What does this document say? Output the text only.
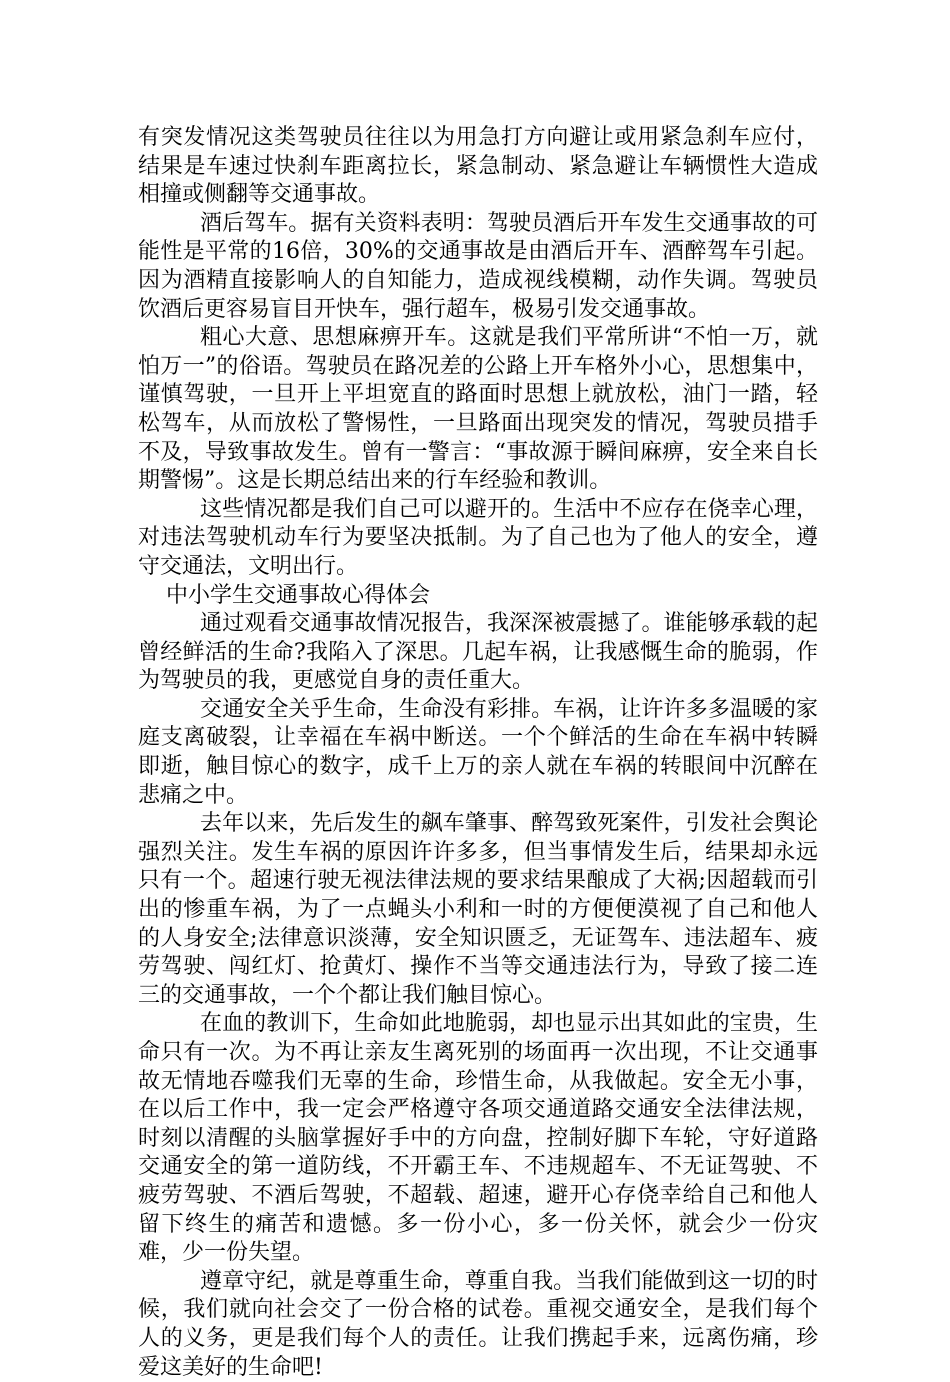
有突发情况这类驾驶员往往以为用急打方向避让或用紧急刹车应付，结果是车速过快刹车距离拉长，紧急制动、紧急避让车辆惯性大造成相撞或侧翻等交通事故。

酒后驾车。据有关资料表明：驾驶员酒后开车发生交通事故的可能性是平常的16倍，30%的交通事故是由酒后开车、酒醉驾车引起。因为酒精直接影响人的自知能力，造成视线模糊，动作失调。驾驶员饮酒后更容易盲目开快车，强行超车，极易引发交通事故。

粗心大意、思想麻痹开车。这就是我们平常所讲“不怕一万，就怕万一”的俗语。驾驶员在路况差的公路上开车格外小心，思想集中，谨慎驾驶，一旦开上平坦宽直的路面时思想上就放松，油门一踏，轻松驾车，从而放松了警惕性，一旦路面出现突发的情况，驾驶员措手不及，导致事故发生。曾有一警言：“事故源于瞬间麻痹，安全来自长期警惕”。这是长期总结出来的行车经验和教训。

这些情况都是我们自己可以避开的。生活中不应存在侥幸心理，对违法驾驶机动车行为要坚决抵制。为了自己也为了他人的安全，遵守交通法，文明出行。

中小学生交通事故心得体会

通过观看交通事故情况报告，我深深被震撼了。谁能够承载的起曾经鲜活的生命?我陷入了深思。几起车祸，让我感慨生命的脆弱，作为驾驶员的我，更感觉自身的责任重大。

交通安全关乎生命，生命没有彩排。车祸，让许许多多温暖的家庭支离破裂，让幸福在车祸中断送。一个个鲜活的生命在车祸中转瞬即逝，触目惊心的数字，成千上万的亲人就在车祸的转眼间中沉醉在悲痛之中。

去年以来，先后发生的飙车肇事、醉驾致死案件，引发社会舆论强烈关注。发生车祸的原因许许多多，但当事情发生后，结果却永远只有一个。超速行驶无视法律法规的要求结果酿成了大祸;因超载而引出的惨重车祸，为了一点蝇头小利和一时的方便便漠视了自己和他人的人身安全;法律意识淡薄，安全知识匮乏，无证驾车、违法超车、疲劳驾驶、闯红灯、抢黄灯、操作不当等交通违法行为，导致了接二连三的交通事故，一个个都让我们触目惊心。

在血的教训下，生命如此地脆弱，却也显示出其如此的宝贵，生命只有一次。为不再让亲友生离死别的场面再一次出现，不让交通事故无情地吞噬我们无辜的生命，珍惜生命，从我做起。安全无小事，在以后工作中，我一定会严格遵守各项交通道路交通安全法律法规，时刻以清醒的头脑掌握好手中的方向盘，控制好脚下车轮，守好道路交通安全的第一道防线，不开霸王车、不违规超车、不无证驾驶、不疲劳驾驶、不酒后驾驶，不超载、超速，避开心存侥幸给自己和他人留下终生的痛苦和遗憾。多一份小心，多一份关怀，就会少一份灾难，少一份失望。

遵章守纪，就是尊重生命，尊重自我。当我们能做到这一切的时候，我们就向社会交了一份合格的试卷。重视交通安全，是我们每个人的义务，更是我们每个人的责任。让我们携起手来，远离伤痛，珍爱这美好的生命吧!
